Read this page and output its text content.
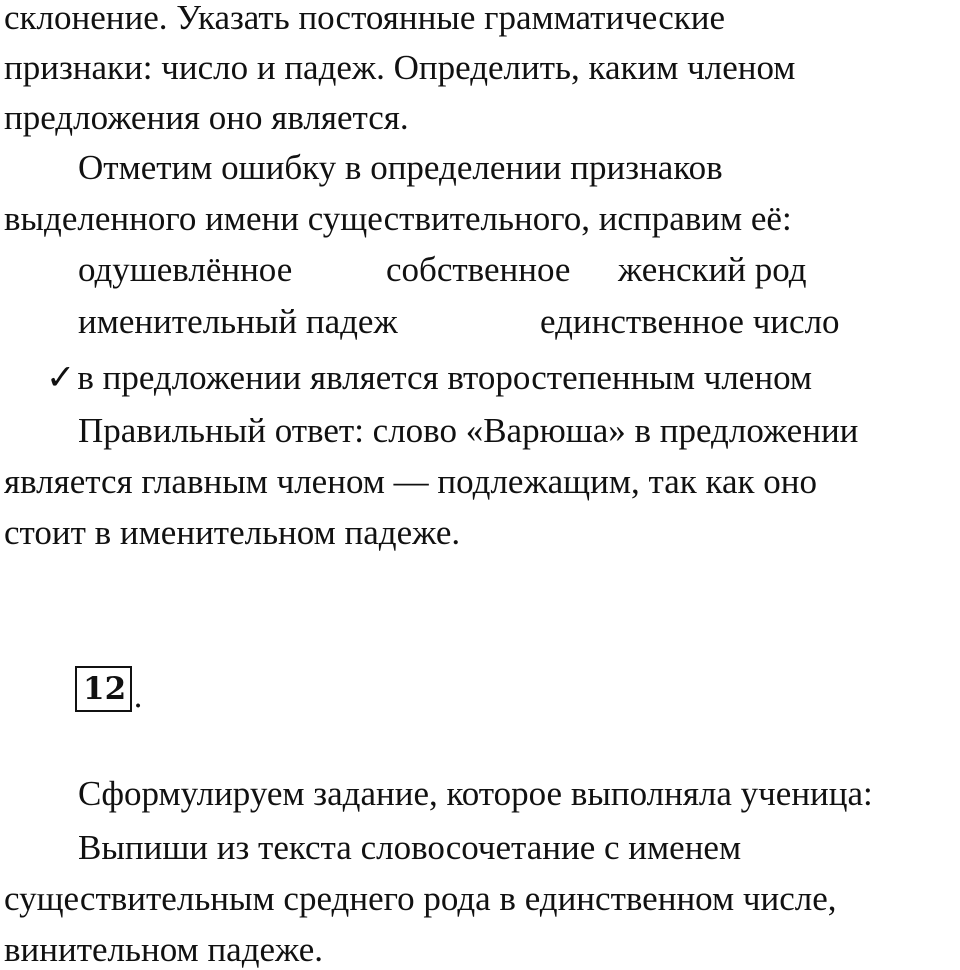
склонение. Указать постоянные грамматические
признаки: число и падеж. Определить, каким членом
предложения оно является.
Отметим ошибку в определении признаков
выделенного имени существительного, исправим её:
одушевлённое	собственное женский род
именительный падеж	единственное число
✓в предложении является второстепенным членом
Правильный ответ: слово «Варюша» в предложении
является главным членом — подлежащим, так как оно
стоит в именительном падеже.
12 .
Сформулируем задание, которое выполняла ученица:
Выпиши из текста словосочетание с именем
существительным среднего рода в единственном числе,
винительном падеже.
